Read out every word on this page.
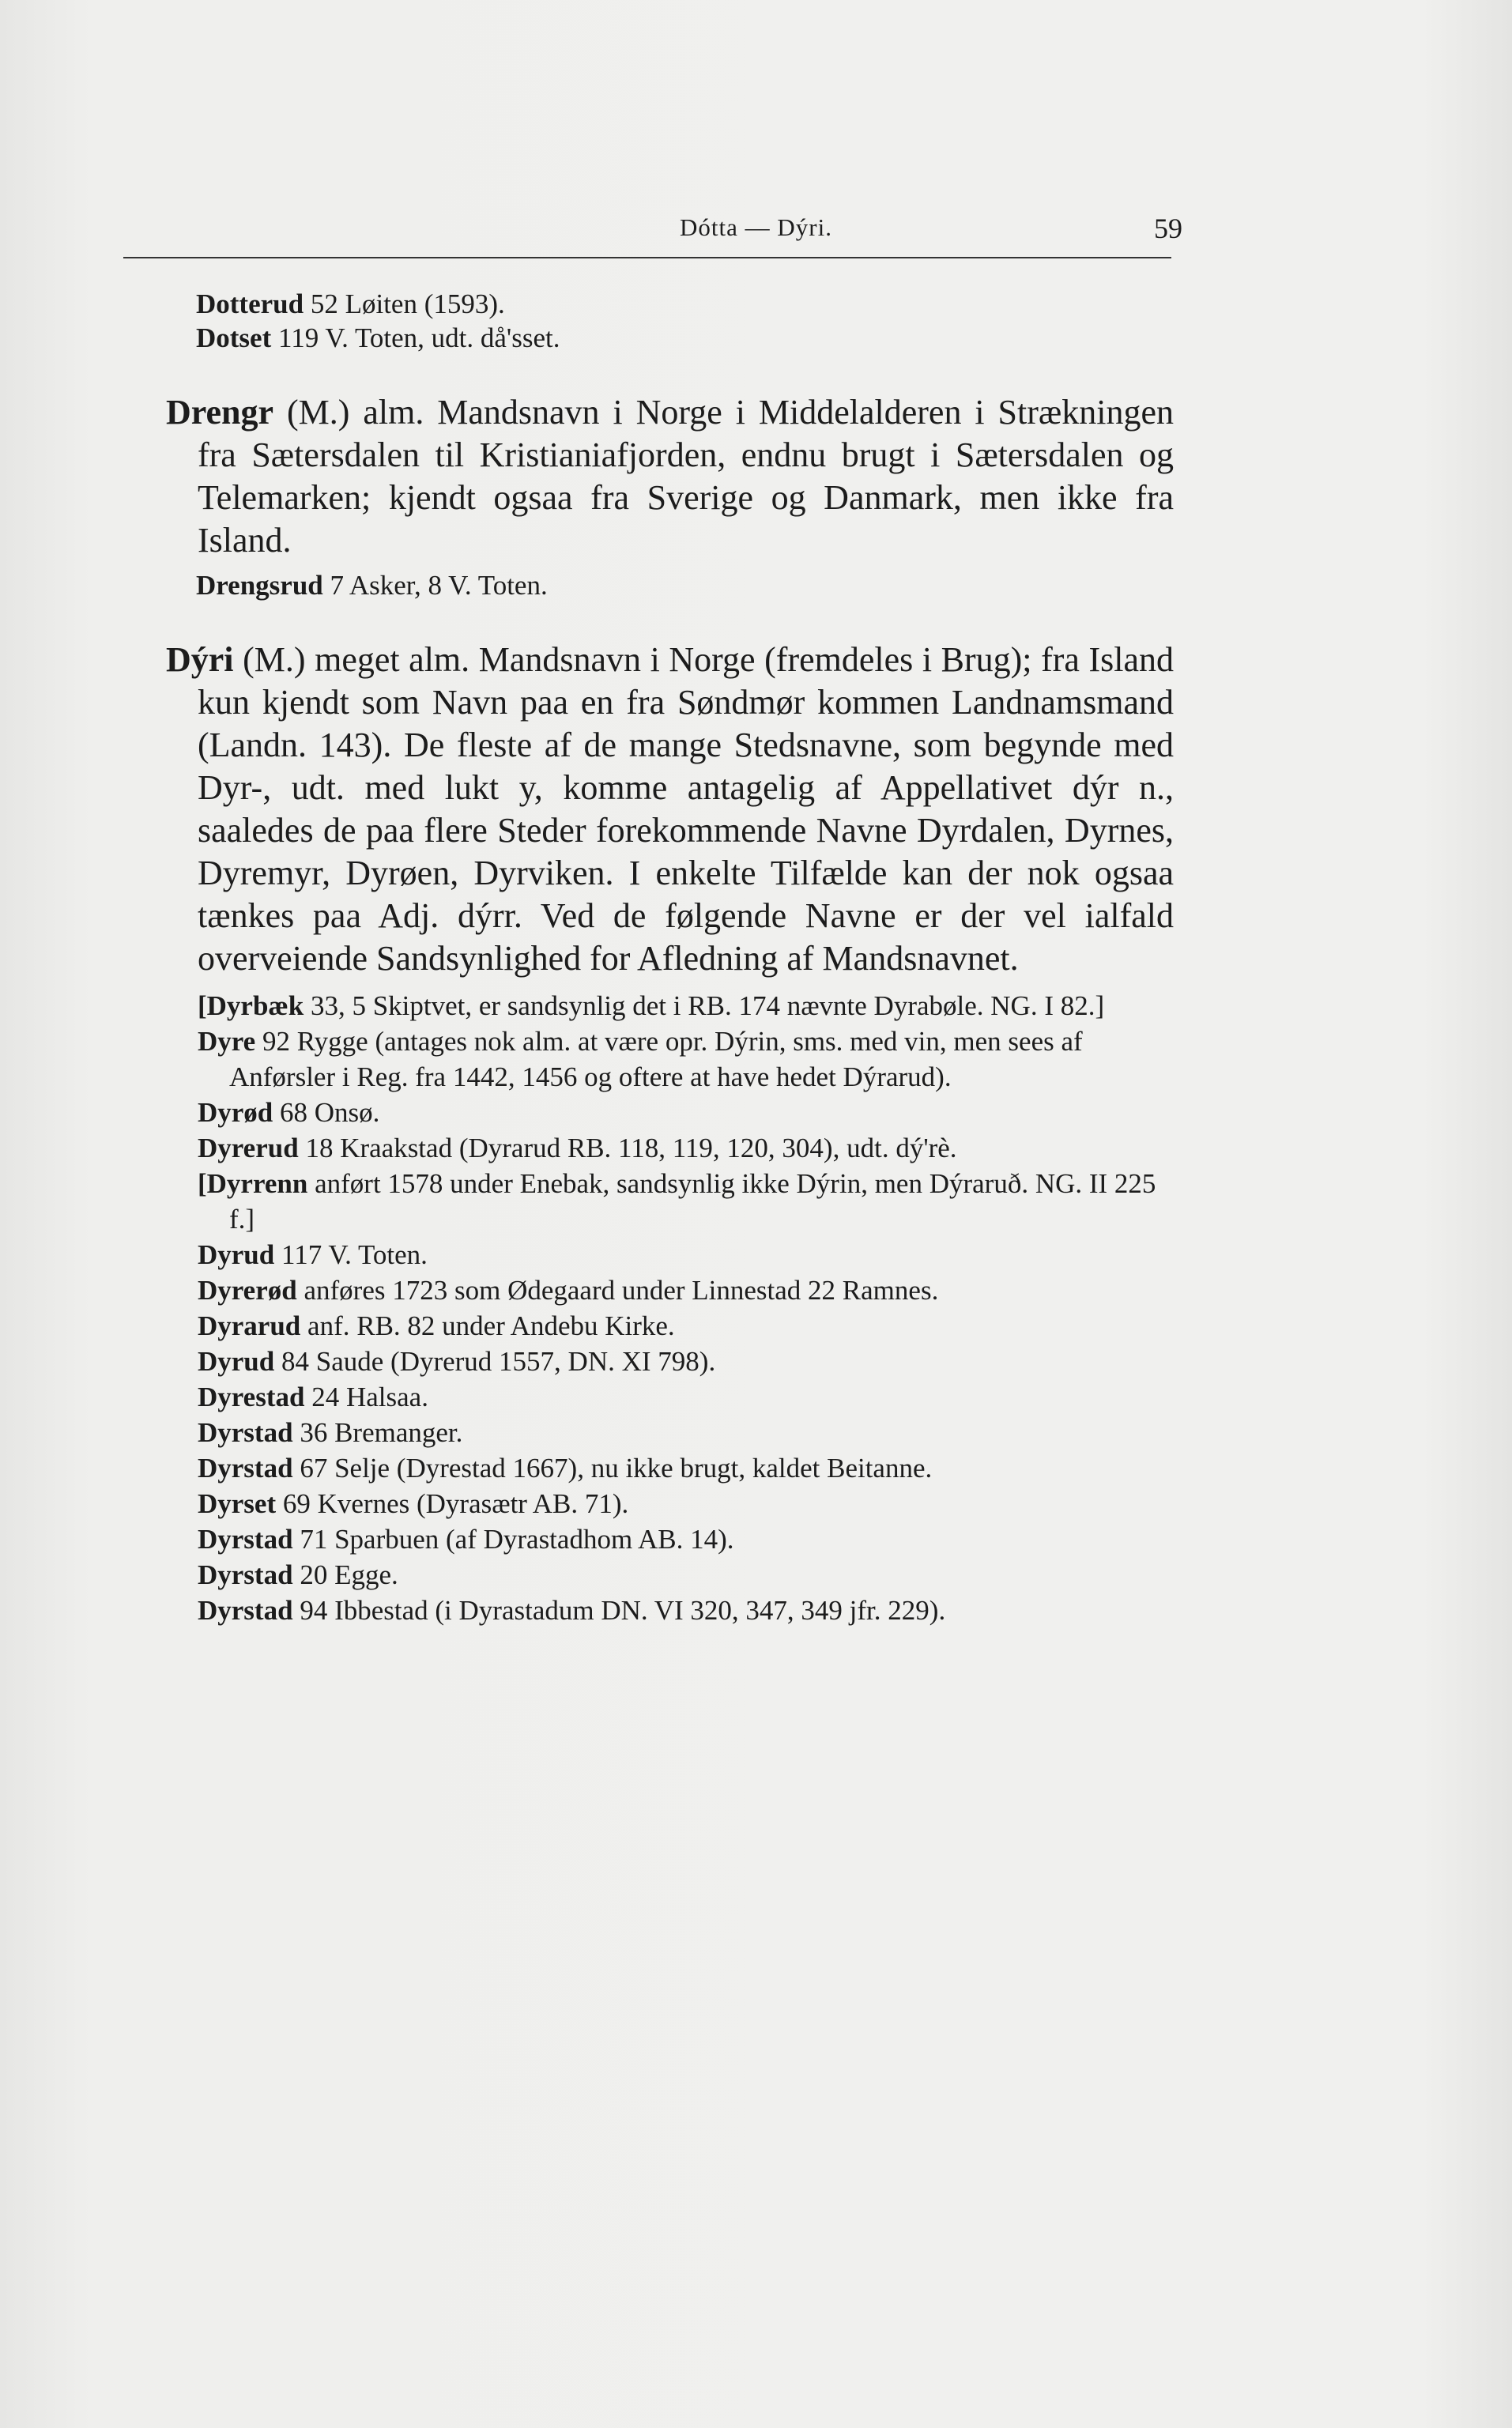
Dótta — Dýri.	59
Dotterud 52 Løiten (1593).
Dotset 119 V. Toten, udt. då'sset.
Drengr (M.) alm. Mandsnavn i Norge i Middelalderen i Strækningen fra Sætersdalen til Kristianiafjorden, endnu brugt i Sætersdalen og Telemarken; kjendt ogsaa fra Sverige og Danmark, men ikke fra Island.
Drengsrud 7 Asker, 8 V. Toten.
Dýri (M.) meget alm. Mandsnavn i Norge (fremdeles i Brug); fra Island kun kjendt som Navn paa en fra Søndmør kommen Landnamsmand (Landn. 143). De fleste af de mange Stedsnavne, som begynde med Dyr-, udt. med lukt y, komme antagelig af Appellativet dýr n., saaledes de paa flere Steder forekommende Navne Dyrdalen, Dyrnes, Dyremyr, Dyrøen, Dyrviken. I enkelte Tilfælde kan der nok ogsaa tænkes paa Adj. dýrr. Ved de følgende Navne er der vel ialfald overveiende Sandsynlighed for Afledning af Mandsnavnet.
[Dyrbæk 33, 5 Skiptvet, er sandsynlig det i RB. 174 nævnte Dyrabøle. NG. I 82.]
Dyre 92 Rygge (antages nok alm. at være opr. Dýrin, sms. med vin, men sees af Anførsler i Reg. fra 1442, 1456 og oftere at have hedet Dýrarud).
Dyrød 68 Onsø.
Dyrerud 18 Kraakstad (Dyrarud RB. 118, 119, 120, 304), udt. dý'rè.
[Dyrrenn anført 1578 under Enebak, sandsynlig ikke Dýrin, men Dýraruð. NG. II 225 f.]
Dyrud 117 V. Toten.
Dyrerød anføres 1723 som Ødegaard under Linnestad 22 Ramnes.
Dyrarud anf. RB. 82 under Andebu Kirke.
Dyrud 84 Saude (Dyrerud 1557, DN. XI 798).
Dyrestad 24 Halsaa.
Dyrstad 36 Bremanger.
Dyrstad 67 Selje (Dyrestad 1667), nu ikke brugt, kaldet Beitanne.
Dyrset 69 Kvernes (Dyrasætr AB. 71).
Dyrstad 71 Sparbuen (af Dyrastadhom AB. 14).
Dyrstad 20 Egge.
Dyrstad 94 Ibbestad (i Dyrastadum DN. VI 320, 347, 349 jfr. 229).
